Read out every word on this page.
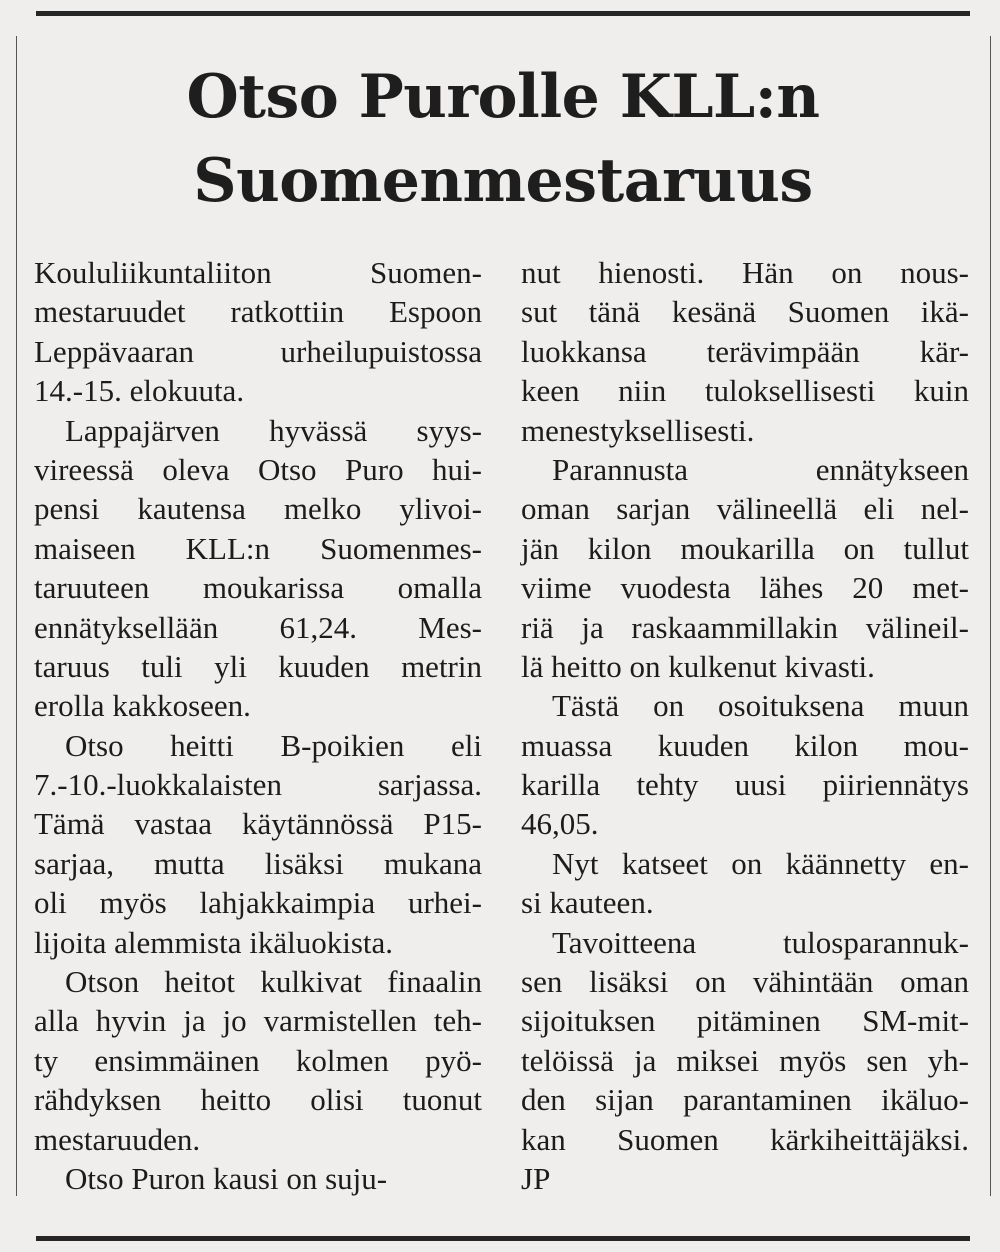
Otso Purolle KLL:n
Suomenmestaruus

Koululiikuntaliiton Suomen-
mestaruudet ratkottiin Espoon
Leppävaaran urheilupuistossa
14.-15. elokuuta.

 Lappajärven hyvässä syys-
vireessä oleva Otso Puro hui-
pensi kautensa melko ylivoi-
maiseen KLL:n Suomenmes-
taruuteen moukarissa omalla
ennätyksellään 61,24. Mes-
taruus tuli yli kuuden metrin
erolla kakkoseen.

 Otso heitti B-poikien eli
7.-10.-luokkalaisten sarjassa.
Tämä vastaa käytännössä P15-
sarjaa, mutta lisäksi mukana
oli myös lahjakkaimpia urhei-
lijoita alemmista ikäluokista.

 Otson heitot kulkivat finaalin
alla hyvin ja jo varmistellen teh-
ty ensimmäinen kolmen pyö-
rähdyksen heitto olisi tuonut
mestaruuden.

 Otso Puron kausi on suju-

nut hienosti. Hän on nous-
sut tänä kesänä Suomen ikä-
luokkansa terävimpään kär-
keen niin tuloksellisesti kuin
menestyksellisesti.

 Parannusta ennätykseen
oman sarjan välineellä eli nel-
jän kilon moukarilla on tullut
viime vuodesta lähes 20 met-
riä ja raskaammillakin välineil-
lä heitto on kulkenut kivasti.

 Tästä on osoituksena muun
muassa kuuden kilon mou-
karilla tehty uusi piiriennätys
46,05.

 Nyt katseet on käännetty en-
si kauteen.

 Tavoitteena tulosparannuk-
sen lisäksi on vähintään oman
sijoituksen pitäminen SM-mit-
telöissä ja miksei myös sen yh-
den sijan parantaminen ikäluo-
kan Suomen kärkiheittäjäksi.
JP
